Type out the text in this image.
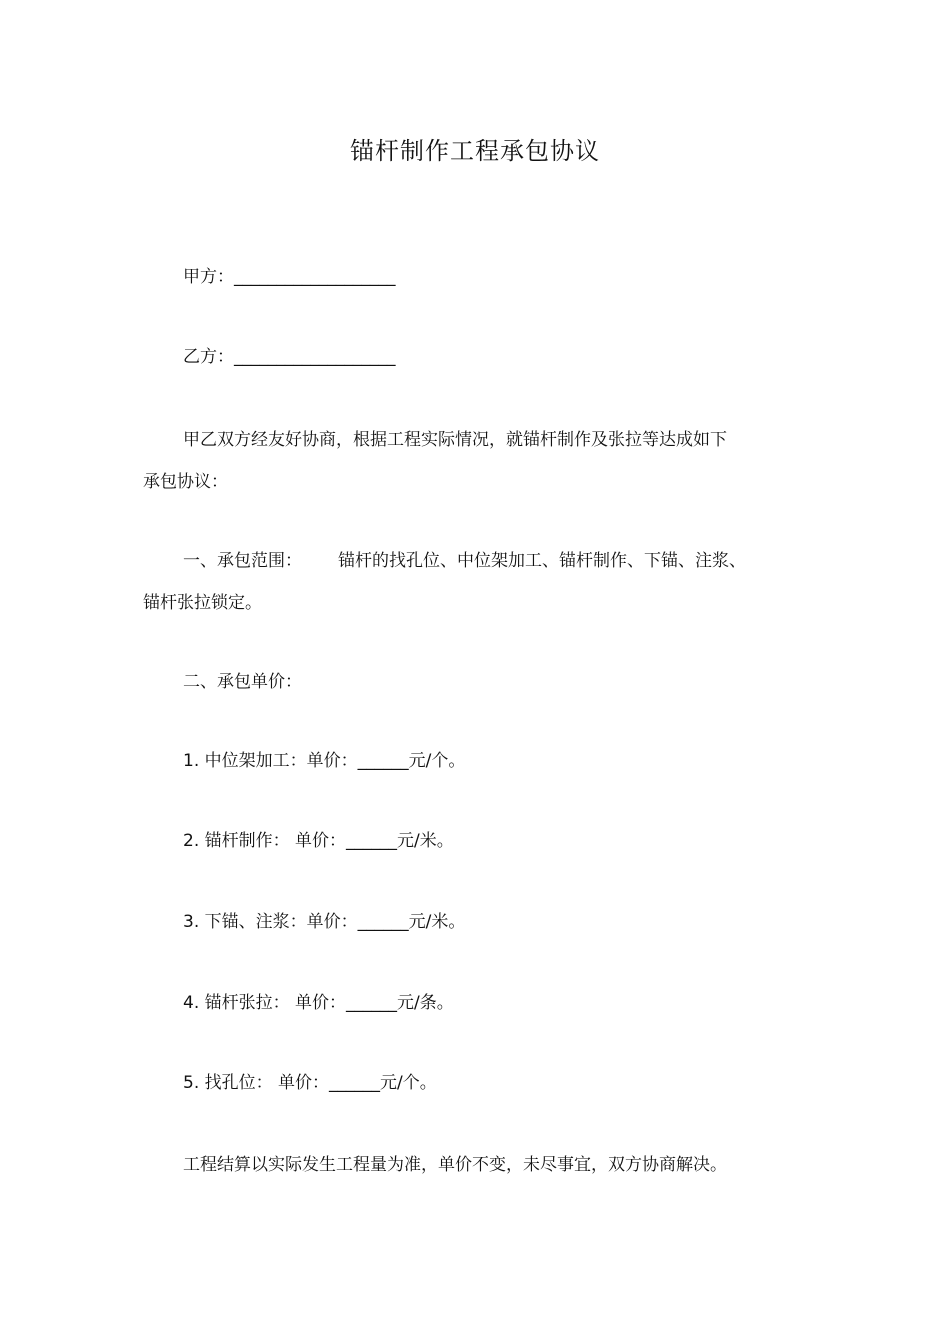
锚杆制作工程承包协议
甲方：___________________
乙方：___________________
甲乙双方经友好协商，根据工程实际情况，就锚杆制作及张拉等达成如下
承包协议：
一、承包范围： 锚杆的找孔位、中位架加工、锚杆制作、下锚、注浆、
锚杆张拉锁定。
二、承包单价：
1. 中位架加工：单价：______元/个。
2. 锚杆制作： 单价：______元/米。
3. 下锚、注浆：单价：______元/米。
4. 锚杆张拉： 单价：______元/条。
5. 找孔位： 单价：______元/个。
工程结算以实际发生工程量为准，单价不变，未尽事宜，双方协商解决。
